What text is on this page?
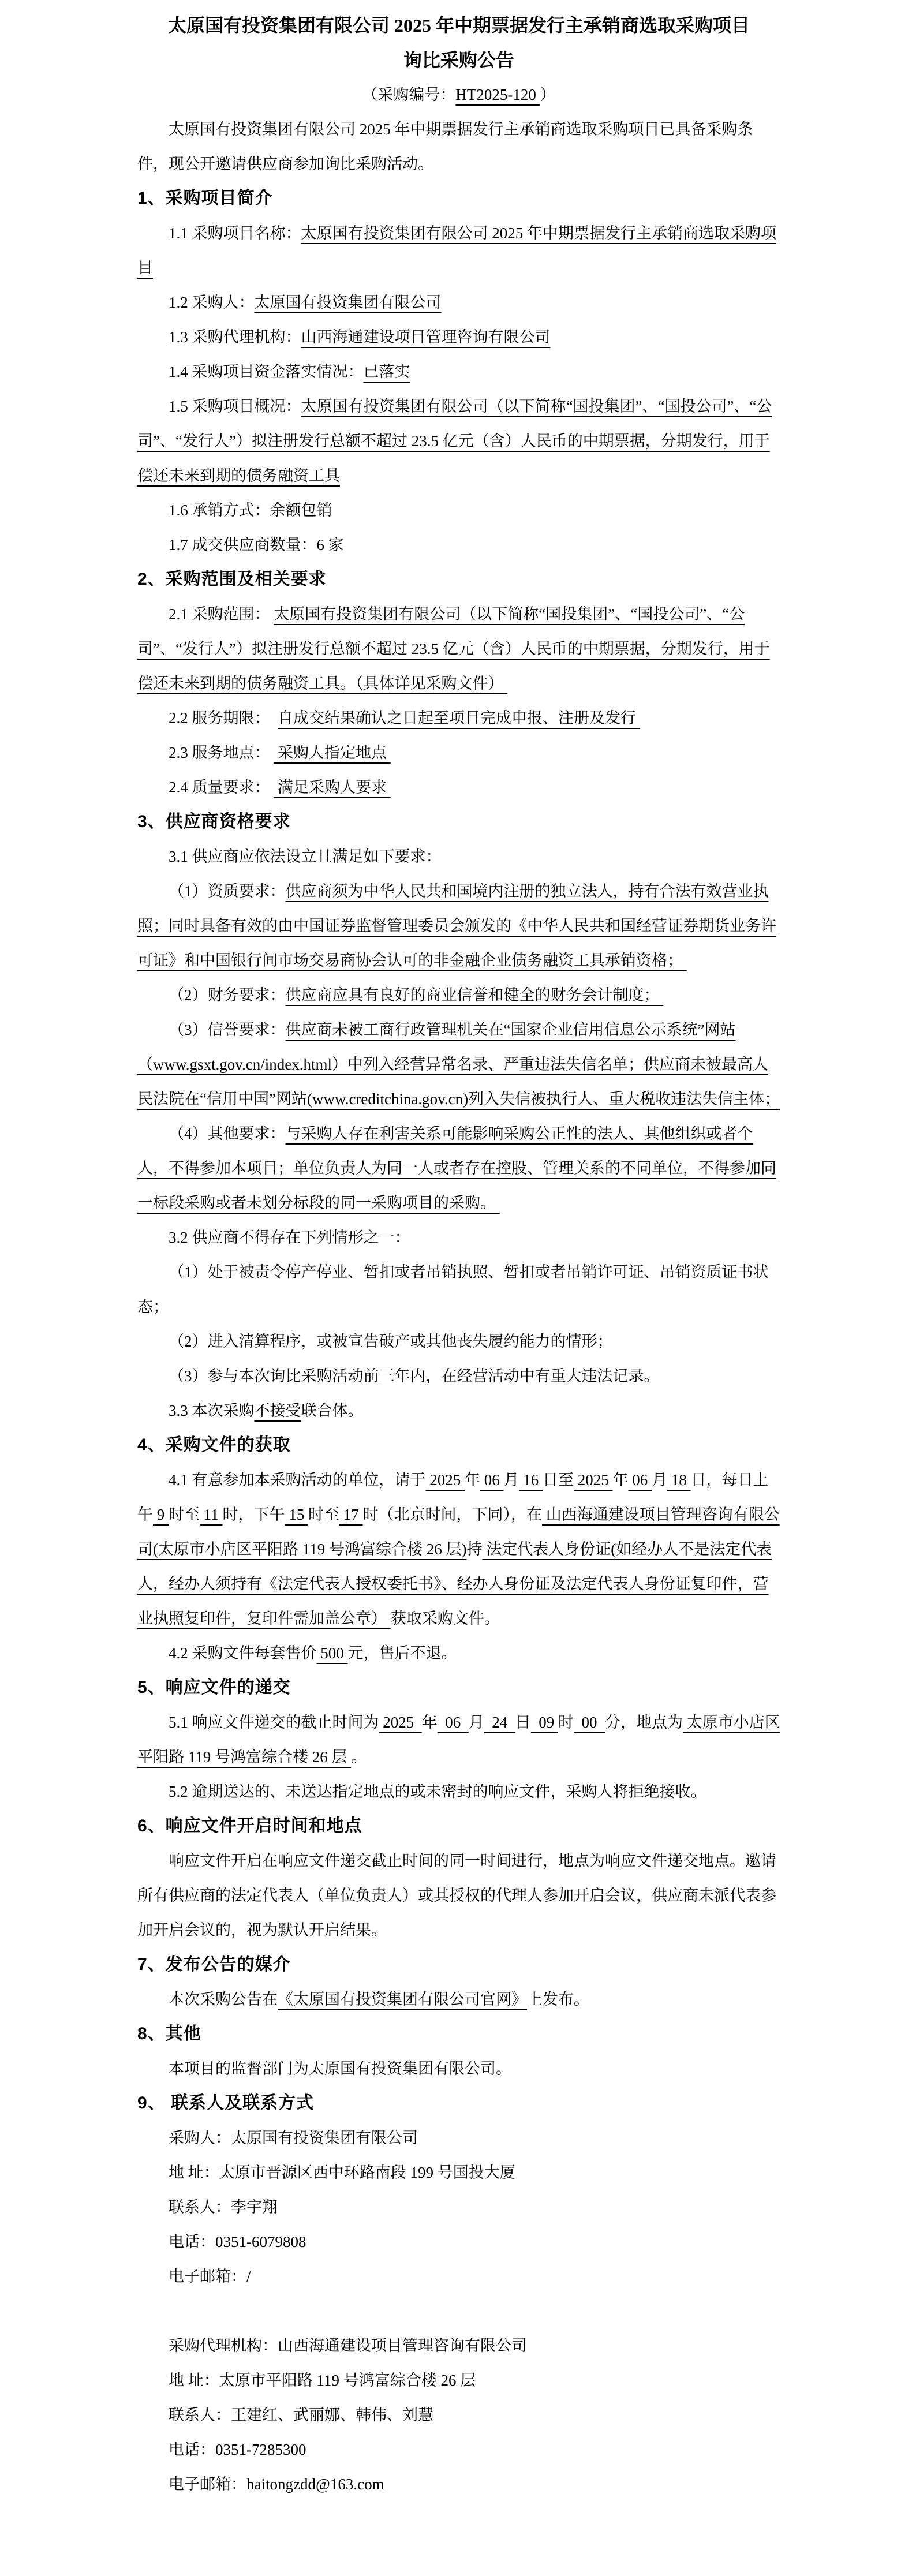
太原国有投资集团有限公司 2025 年中期票据发行主承销商选取采购项目
询比采购公告
（采购编号：HT2025-120 ）

太原国有投资集团有限公司 2025 年中期票据发行主承销商选取采购项目已具备采购条件，现公开邀请供应商参加询比采购活动。

1、采购项目简介

1.1 采购项目名称：太原国有投资集团有限公司 2025 年中期票据发行主承销商选取采购项目

1.2 采购人：太原国有投资集团有限公司

1.3 采购代理机构：山西海通建设项目管理咨询有限公司

1.4 采购项目资金落实情况：已落实

1.5 采购项目概况：太原国有投资集团有限公司（以下简称“国投集团”、“国投公司”、“公司”、“发行人”）拟注册发行总额不超过 23.5 亿元（含）人民币的中期票据，分期发行，用于偿还未来到期的债务融资工具

1.6 承销方式：余额包销

1.7 成交供应商数量：6 家

2、采购范围及相关要求

2.1 采购范围： 太原国有投资集团有限公司（以下简称“国投集团”、“国投公司”、“公司”、“发行人”）拟注册发行总额不超过 23.5 亿元（含）人民币的中期票据，分期发行，用于偿还未来到期的债务融资工具。（具体详见采购文件）

2.2 服务期限：  自成交结果确认之日起至项目完成申报、注册及发行

2.3 服务地点：  采购人指定地点

2.4 质量要求：  满足采购人要求

3、供应商资格要求

3.1 供应商应依法设立且满足如下要求：

（1）资质要求：供应商须为中华人民共和国境内注册的独立法人，持有合法有效营业执照；同时具备有效的由中国证券监督管理委员会颁发的《中华人民共和国经营证券期货业务许可证》和中国银行间市场交易商协会认可的非金融企业债务融资工具承销资格；

（2）财务要求：供应商应具有良好的商业信誉和健全的财务会计制度；

（3）信誉要求：供应商未被工商行政管理机关在“国家企业信用信息公示系统”网站（www.gsxt.gov.cn/index.html）中列入经营异常名录、严重违法失信名单；供应商未被最高人民法院在“信用中国”网站(www.creditchina.gov.cn)列入失信被执行人、重大税收违法失信主体；

（4）其他要求：与采购人存在利害关系可能影响采购公正性的法人、其他组织或者个人，不得参加本项目；单位负责人为同一人或者存在控股、管理关系的不同单位，不得参加同一标段采购或者未划分标段的同一采购项目的采购。

3.2 供应商不得存在下列情形之一：

（1）处于被责令停产停业、暂扣或者吊销执照、暂扣或者吊销许可证、吊销资质证书状态；

（2）进入清算程序，或被宣告破产或其他丧失履约能力的情形；

（3）参与本次询比采购活动前三年内，在经营活动中有重大违法记录。

3.3 本次采购不接受联合体。

4、采购文件的获取

4.1 有意参加本采购活动的单位，请于 2025 年 06 月 16 日至 2025 年 06 月 18 日，每日上午 9 时至 11 时，下午 15 时至 17 时（北京时间，下同），在 山西海通建设项目管理咨询有限公司(太原市小店区平阳路 119 号鸿富综合楼 26 层)持 法定代表人身份证(如经办人不是法定代表人，经办人须持有《法定代表人授权委托书》、经办人身份证及法定代表人身份证复印件，营业执照复印件，复印件需加盖公章） 获取采购文件。

4.2 采购文件每套售价 500 元，售后不退。

5、响应文件的递交

5.1 响应文件递交的截止时间为 2025  年  06  月  24  日  09 时  00  分，地点为 太原市小店区平阳路 119 号鸿富综合楼 26 层 。

5.2 逾期送达的、未送达指定地点的或未密封的响应文件，采购人将拒绝接收。

6、响应文件开启时间和地点

响应文件开启在响应文件递交截止时间的同一时间进行，地点为响应文件递交地点。邀请所有供应商的法定代表人（单位负责人）或其授权的代理人参加开启会议，供应商未派代表参加开启会议的，视为默认开启结果。

7、发布公告的媒介

本次采购公告在《太原国有投资集团有限公司官网》上发布。

8、其他

本项目的监督部门为太原国有投资集团有限公司。

9、 联系人及联系方式

采购人：太原国有投资集团有限公司

地 址：太原市晋源区西中环路南段 199 号国投大厦

联系人：李宇翔

电话：0351-6079808

电子邮箱：/

采购代理机构：山西海通建设项目管理咨询有限公司

地 址：太原市平阳路 119 号鸿富综合楼 26 层

联系人：王建红、武丽娜、韩伟、刘慧

电话：0351-7285300

电子邮箱：haitongzdd@163.com
